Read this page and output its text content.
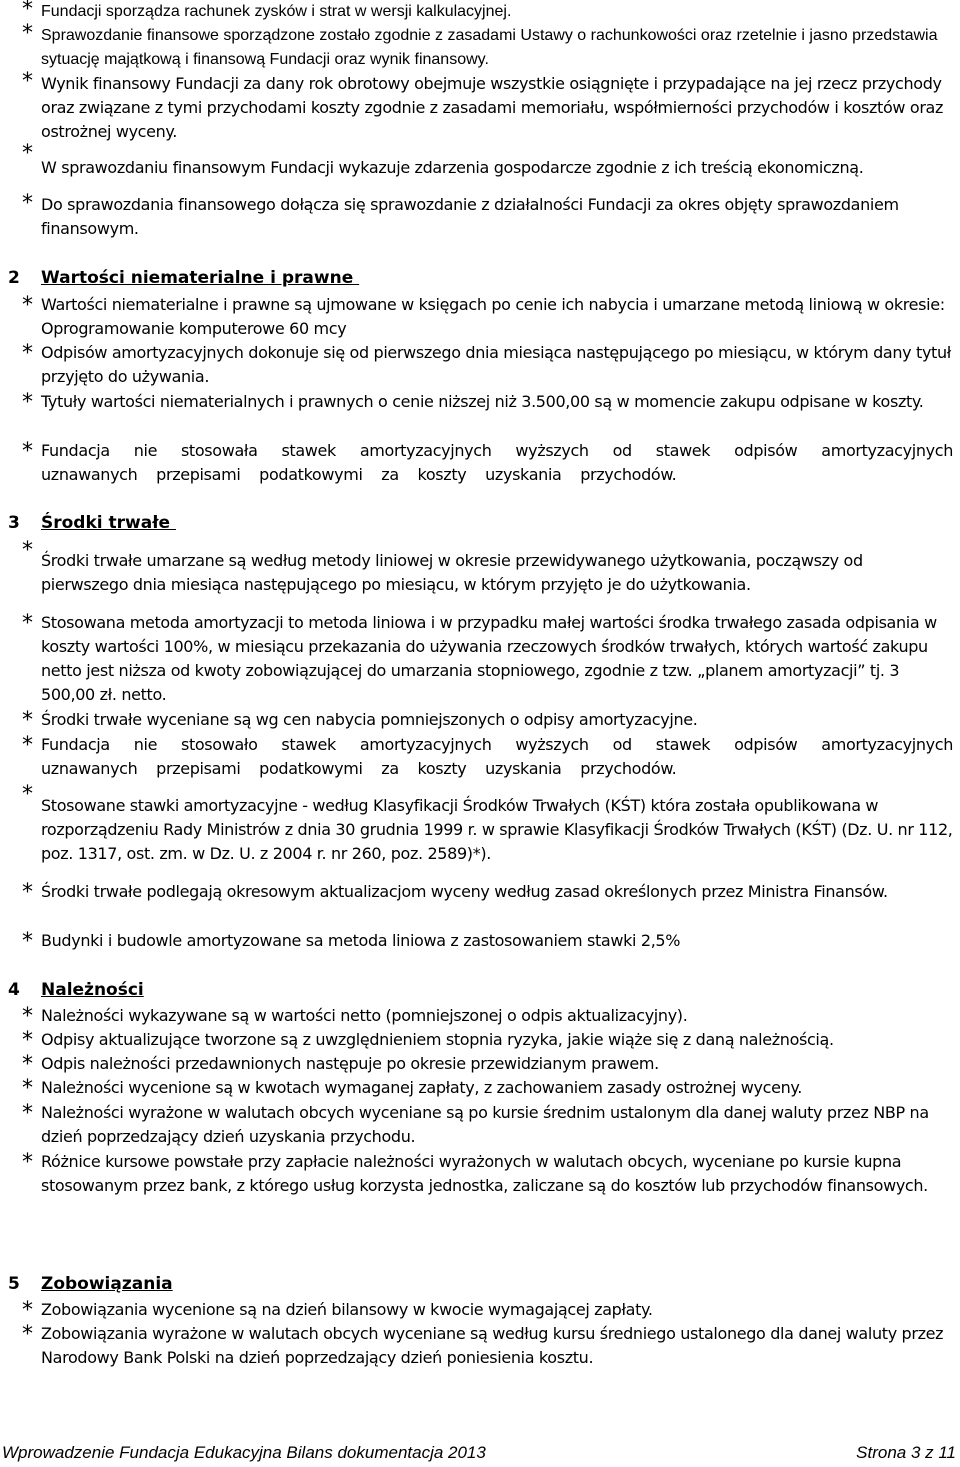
* Fundacji sporządza rachunek zysków i strat w wersji kalkulacyjnej.
* Sprawozdanie finansowe sporządzone zostało zgodnie z zasadami Ustawy o rachunkowości oraz rzetelnie i jasno przedstawia sytuację majątkową i finansową Fundacji oraz wynik finansowy.
* Wynik finansowy Fundacji za dany rok obrotowy obejmuje wszystkie osiągnięte i przypadające na jej rzecz przychody oraz związane z tymi przychodami koszty zgodnie z zasadami memoriału, współmierności przychodów i kosztów oraz ostrożnej wyceny.
*
W sprawozdaniu finansowym Fundacji wykazuje zdarzenia gospodarcze zgodnie z ich treścią ekonomiczną.
* Do sprawozdania finansowego dołącza się sprawozdanie z działalności Fundacji za okres objęty sprawozdaniem finansowym.
2 Wartości niematerialne i prawne
* Wartości niematerialne i prawne są ujmowane w księgach po cenie ich nabycia i umarzane metodą liniową w okresie: Oprogramowanie komputerowe 60 mcy
* Odpisów amortyzacyjnych dokonuje się od pierwszego dnia miesiąca następującego po miesiącu, w którym dany tytuł przyjęto do używania.
* Tytuły wartości niematerialnych i prawnych o cenie niższej niż 3.500,00 są w momencie zakupu odpisane w koszty.
* Fundacja nie stosowała stawek amortyzacyjnych wyższych od stawek odpisów amortyzacyjnych
uznawanych przepisami podatkowymi za koszty uzyskania przychodów.
3 Środki trwałe
* Środki trwałe umarzane są według metody liniowej w okresie przewidywanego użytkowania, począwszy od pierwszego dnia miesiąca następującego po miesiącu, w którym przyjęto je do użytkowania.
* Stosowana metoda amortyzacji to metoda liniowa i w przypadku małej wartości środka trwałego zasada odpisania w koszty wartości 100%, w miesiącu przekazania do używania rzeczowych środków trwałych, których wartość zakupu netto jest niższa od kwoty zobowiązującej do umarzania stopniowego, zgodnie z tzw. „planem amortyzacji” tj. 3 500,00 zł. netto.
* Środki trwałe wyceniane są wg cen nabycia pomniejszonych o odpisy amortyzacyjne.
* Fundacja nie stosowało stawek amortyzacyjnych wyższych od stawek odpisów amortyzacyjnych
uznawanych przepisami podatkowymi za koszty uzyskania przychodów.
* Stosowane stawki amortyzacyjne - według Klasyfikacji Środków Trwałych (KŚT) która została opublikowana w rozporządzeniu Rady Ministrów z dnia 30 grudnia 1999 r. w sprawie Klasyfikacji Środków Trwałych (KŚT) (Dz. U. nr 112, poz. 1317, ost. zm. w Dz. U. z 2004 r. nr 260, poz. 2589)*).
* Środki trwałe podlegają okresowym aktualizacjom wyceny według zasad określonych przez Ministra Finansów.
* Budynki i budowle amortyzowane sa metoda liniowa z zastosowaniem stawki 2,5%
4 Należności
* Należności wykazywane są w wartości netto (pomniejszonej o odpis aktualizacyjny).
* Odpisy aktualizujące tworzone są z uwzględnieniem stopnia ryzyka, jakie wiąże się z daną należnością.
* Odpis należności przedawnionych następuje po okresie przewidzianym prawem.
* Należności wycenione są w kwotach wymaganej zapłaty, z zachowaniem zasady ostrożnej wyceny.
* Należności wyrażone w walutach obcych wyceniane są po kursie średnim ustalonym dla danej waluty przez NBP na dzień poprzedzający dzień uzyskania przychodu.
* Różnice kursowe powstałe przy zapłacie należności wyrażonych w walutach obcych, wyceniane po kursie kupna stosowanym przez bank, z którego usług korzysta jednostka, zaliczane są do kosztów lub przychodów finansowych.
5 Zobowiązania
* Zobowiązania wycenione są na dzień bilansowy w kwocie wymagającej zapłaty.
* Zobowiązania wyrażone w walutach obcych wyceniane są według kursu średniego ustalonego dla danej waluty przez Narodowy Bank Polski na dzień poprzedzający dzień poniesienia kosztu.
Wprowadzenie Fundacja Edukacyjna Bilans dokumentacja 2013	Strona 3 z 11
